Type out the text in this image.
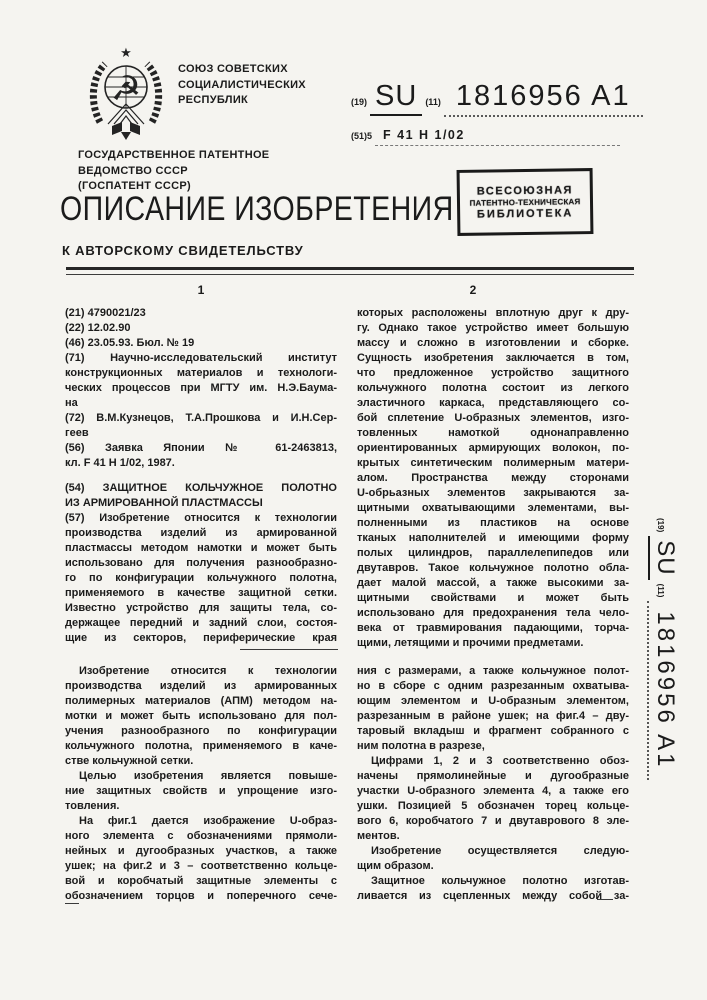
★
☭	СОЮЗ СОВЕТСКИХ
СОЦИАЛИСТИЧЕСКИХ
РЕСПУБЛИК	(19) SU (11) 1816956 A1
(51)5 F 41 H 1/02
ГОСУДАРСТВЕННОЕ ПАТЕНТНОЕ
ВЕДОМСТВО СССР
(ГОСПАТЕНТ СССР)	ВСЕСОЮЗНАЯ
ПАТЕНТНО-ТЕХНИЧЕСКАЯ
БИБЛИОТЕКА
ОПИСАНИЕ ИЗОБРЕТЕНИЯ
К АВТОРСКОМУ СВИДЕТЕЛЬСТВУ
1	2
(21) 4790021/23
(22) 12.02.90
(46) 23.05.93. Бюл. № 19
(71) Научно-исследовательский институт
конструкционных материалов и технологи-
ческих процессов при МГТУ им. Н.Э.Баума-
на
(72) В.М.Кузнецов, Т.А.Прошкова и И.Н.Сер-
геев
(56) Заявка Японии № 61-2463813,
кл. F 41 H 1/02, 1987.
(54) ЗАЩИТНОЕ КОЛЬЧУЖНОЕ ПОЛОТНО
ИЗ АРМИРОВАННОЙ ПЛАСТМАССЫ
(57) Изобретение относится к технологии
производства изделий из армированной
пластмассы методом намотки и может быть
использовано для получения разнообразно-
го по конфигурации кольчужного полотна,
применяемого в качестве защитной сетки.
Известно устройство для защиты тела, со-
держащее передний и задний слои, состоя-
щие из секторов, периферические края
которых расположены вплотную друг к дру-
гу. Однако такое устройство имеет большую
массу и сложно в изготовлении и сборке.
Сущность изобретения заключается в том,
что предложенное устройство защитного
кольчужного полотна состоит из легкого
эластичного каркаса, представляющего со-
бой сплетение U-образных элементов, изго-
товленных намоткой однонаправленно
ориентированных армирующих волокон, по-
крытых синтетическим полимерным матери-
алом. Пространства между сторонами
U-обрьазных элементов закрываются за-
щитными охватывающими элементами, вы-
полненными из пластиков на основе
тканых наполнителей и имеющими форму
полых цилиндров, параллелепипедов или
двутавров. Такое кольчужное полотно обла-
дает малой массой, а также высокими за-
щитными свойствами и может быть
использовано для предохранения тела чело-
века от травмирования падающими, торча-
щими, летящими и прочими предметами.
Изобретение относится к технологии
производства изделий из армированных
полимерных материалов (АПМ) методом на-
мотки и может быть использовано для пол-
учения разнообразного по конфигурации
кольчужного полотна, применяемого в каче-
стве кольчужной сетки.
Целью изобретения является повыше-
ние защитных свойств и упрощение изго-
товления.
На фиг.1 дается изображение U-образ-
ного элемента с обозначениями прямоли-
нейных и дугообразных участков, а также
ушек; на фиг.2 и 3 – соответственно кольце-
вой и коробчатый защитные элементы с
обозначением торцов и поперечного сече-
ния с размерами, а также кольчужное полот-
но в сборе с одним разрезанным охватыва-
ющим элементом и U-образным элементом,
разрезанным в районе ушек; на фиг.4 – дву-
таровый вкладыш и фрагмент собранного с
ним полотна в разрезе,
Цифрами 1, 2 и 3 соответственно обоз-
начены прямолинейные и дугообразные
участки U-образного элемента 4, а также его
ушки. Позицией 5 обозначен торец кольце-
вого 6, коробчатого 7 и двутаврового 8 эле-
ментов.
Изобретение осуществляется следую-
щим образом.
Защитное кольчужное полотно изготав-
ливается из сцепленных между собой за-
(19)
SU
(11)
1816956 A1
